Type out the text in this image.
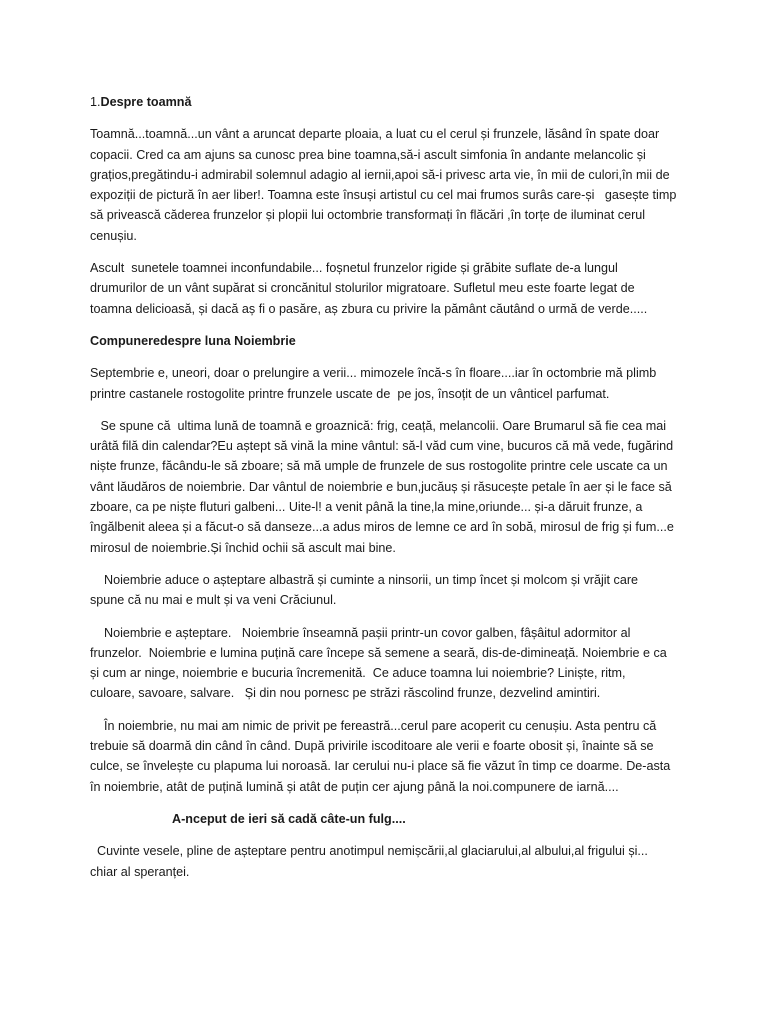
1.Despre toamnă
Toamnă...toamnă...un vânt a aruncat departe ploaia, a luat cu el cerul și frunzele, lăsând în spate doar
copacii. Cred ca am ajuns sa cunosc prea bine toamna,să-i ascult simfonia în andante melancolic și
grațios,pregătindu-i admirabil solemnul adagio al iernii,apoi să-i privesc arta vie, în mii de culori,în mii de
expoziții de pictură în aer liber!. Toamna este însuși artistul cu cel mai frumos surâs care-și   gasește timp
să privească căderea frunzelor și plopii lui octombrie transformați în flăcări ,în torțe de iluminat cerul
cenușiu.
Ascult  sunetele toamnei inconfundabile... foșnetul frunzelor rigide și grăbite suflate de-a lungul
drumurilor de un vânt supărat si croncănitul stolurilor migratoare. Sufletul meu este foarte legat de
toamna delicioasă, și dacă aș fi o pasăre, aș zbura cu privire la pământ căutând o urmă de verde.....
Compuneredespre luna Noiembrie
Septembrie e, uneori, doar o prelungire a verii... mimozele încă-s în floare....iar în octombrie mă plimb
printre castanele rostogolite printre frunzele uscate de  pe jos, însoțit de un vânticel parfumat.
Se spune că  ultima lună de toamnă e groaznică: frig, ceață, melancolii. Oare Brumarul să fie cea mai
urâtă filă din calendar?Eu aștept să vină la mine vântul: să-l văd cum vine, bucuros că mă vede, fugărind
niște frunze, făcându-le să zboare; să mă umple de frunzele de sus rostogolite printre cele uscate ca un
vânt lăudăros de noiembrie. Dar vântul de noiembrie e bun,jucăuș și răsucește petale în aer și le face să
zboare, ca pe niște fluturi galbeni... Uite-l! a venit până la tine,la mine,oriunde... și-a dăruit frunze, a
îngălbenit aleea și a făcut-o să danseze...a adus miros de lemne ce ard în sobă, mirosul de frig și fum...e
mirosul de noiembrie.Și închid ochii să ascult mai bine.
Noiembrie aduce o așteptare albastră și cuminte a ninsorii, un timp încet și molcom și vrăjit care
spune că nu mai e mult și va veni Crăciunul.
Noiembrie e așteptare.   Noiembrie înseamnă pașii printr-un covor galben, fâșâitul adormitor al
frunzelor.  Noiembrie e lumina puțină care începe să semene a seară, dis-de-dimineață. Noiembrie e ca
și cum ar ninge, noiembrie e bucuria încremenită.  Ce aduce toamna lui noiembrie? Liniște, ritm,
culoare, savoare, salvare.   Și din nou pornesc pe străzi răscolind frunze, dezvelind amintiri.
În noiembrie, nu mai am nimic de privit pe fereastră...cerul pare acoperit cu cenușiu. Asta pentru că
trebuie să doarmă din când în când. După privirile iscoditoare ale verii e foarte obosit și, înainte să se
culce, se învelește cu plapuma lui noroasă. Iar cerului nu-i place să fie văzut în timp ce doarme. De-asta
în noiembrie, atât de puțină lumină și atât de puțin cer ajung până la noi.compunere de iarnă....
A-nceput de ieri să cadă câte-un fulg....
Cuvinte vesele, pline de așteptare pentru anotimpul nemișcării,al glaciarului,al albului,al frigului și...
chiar al speranței.
